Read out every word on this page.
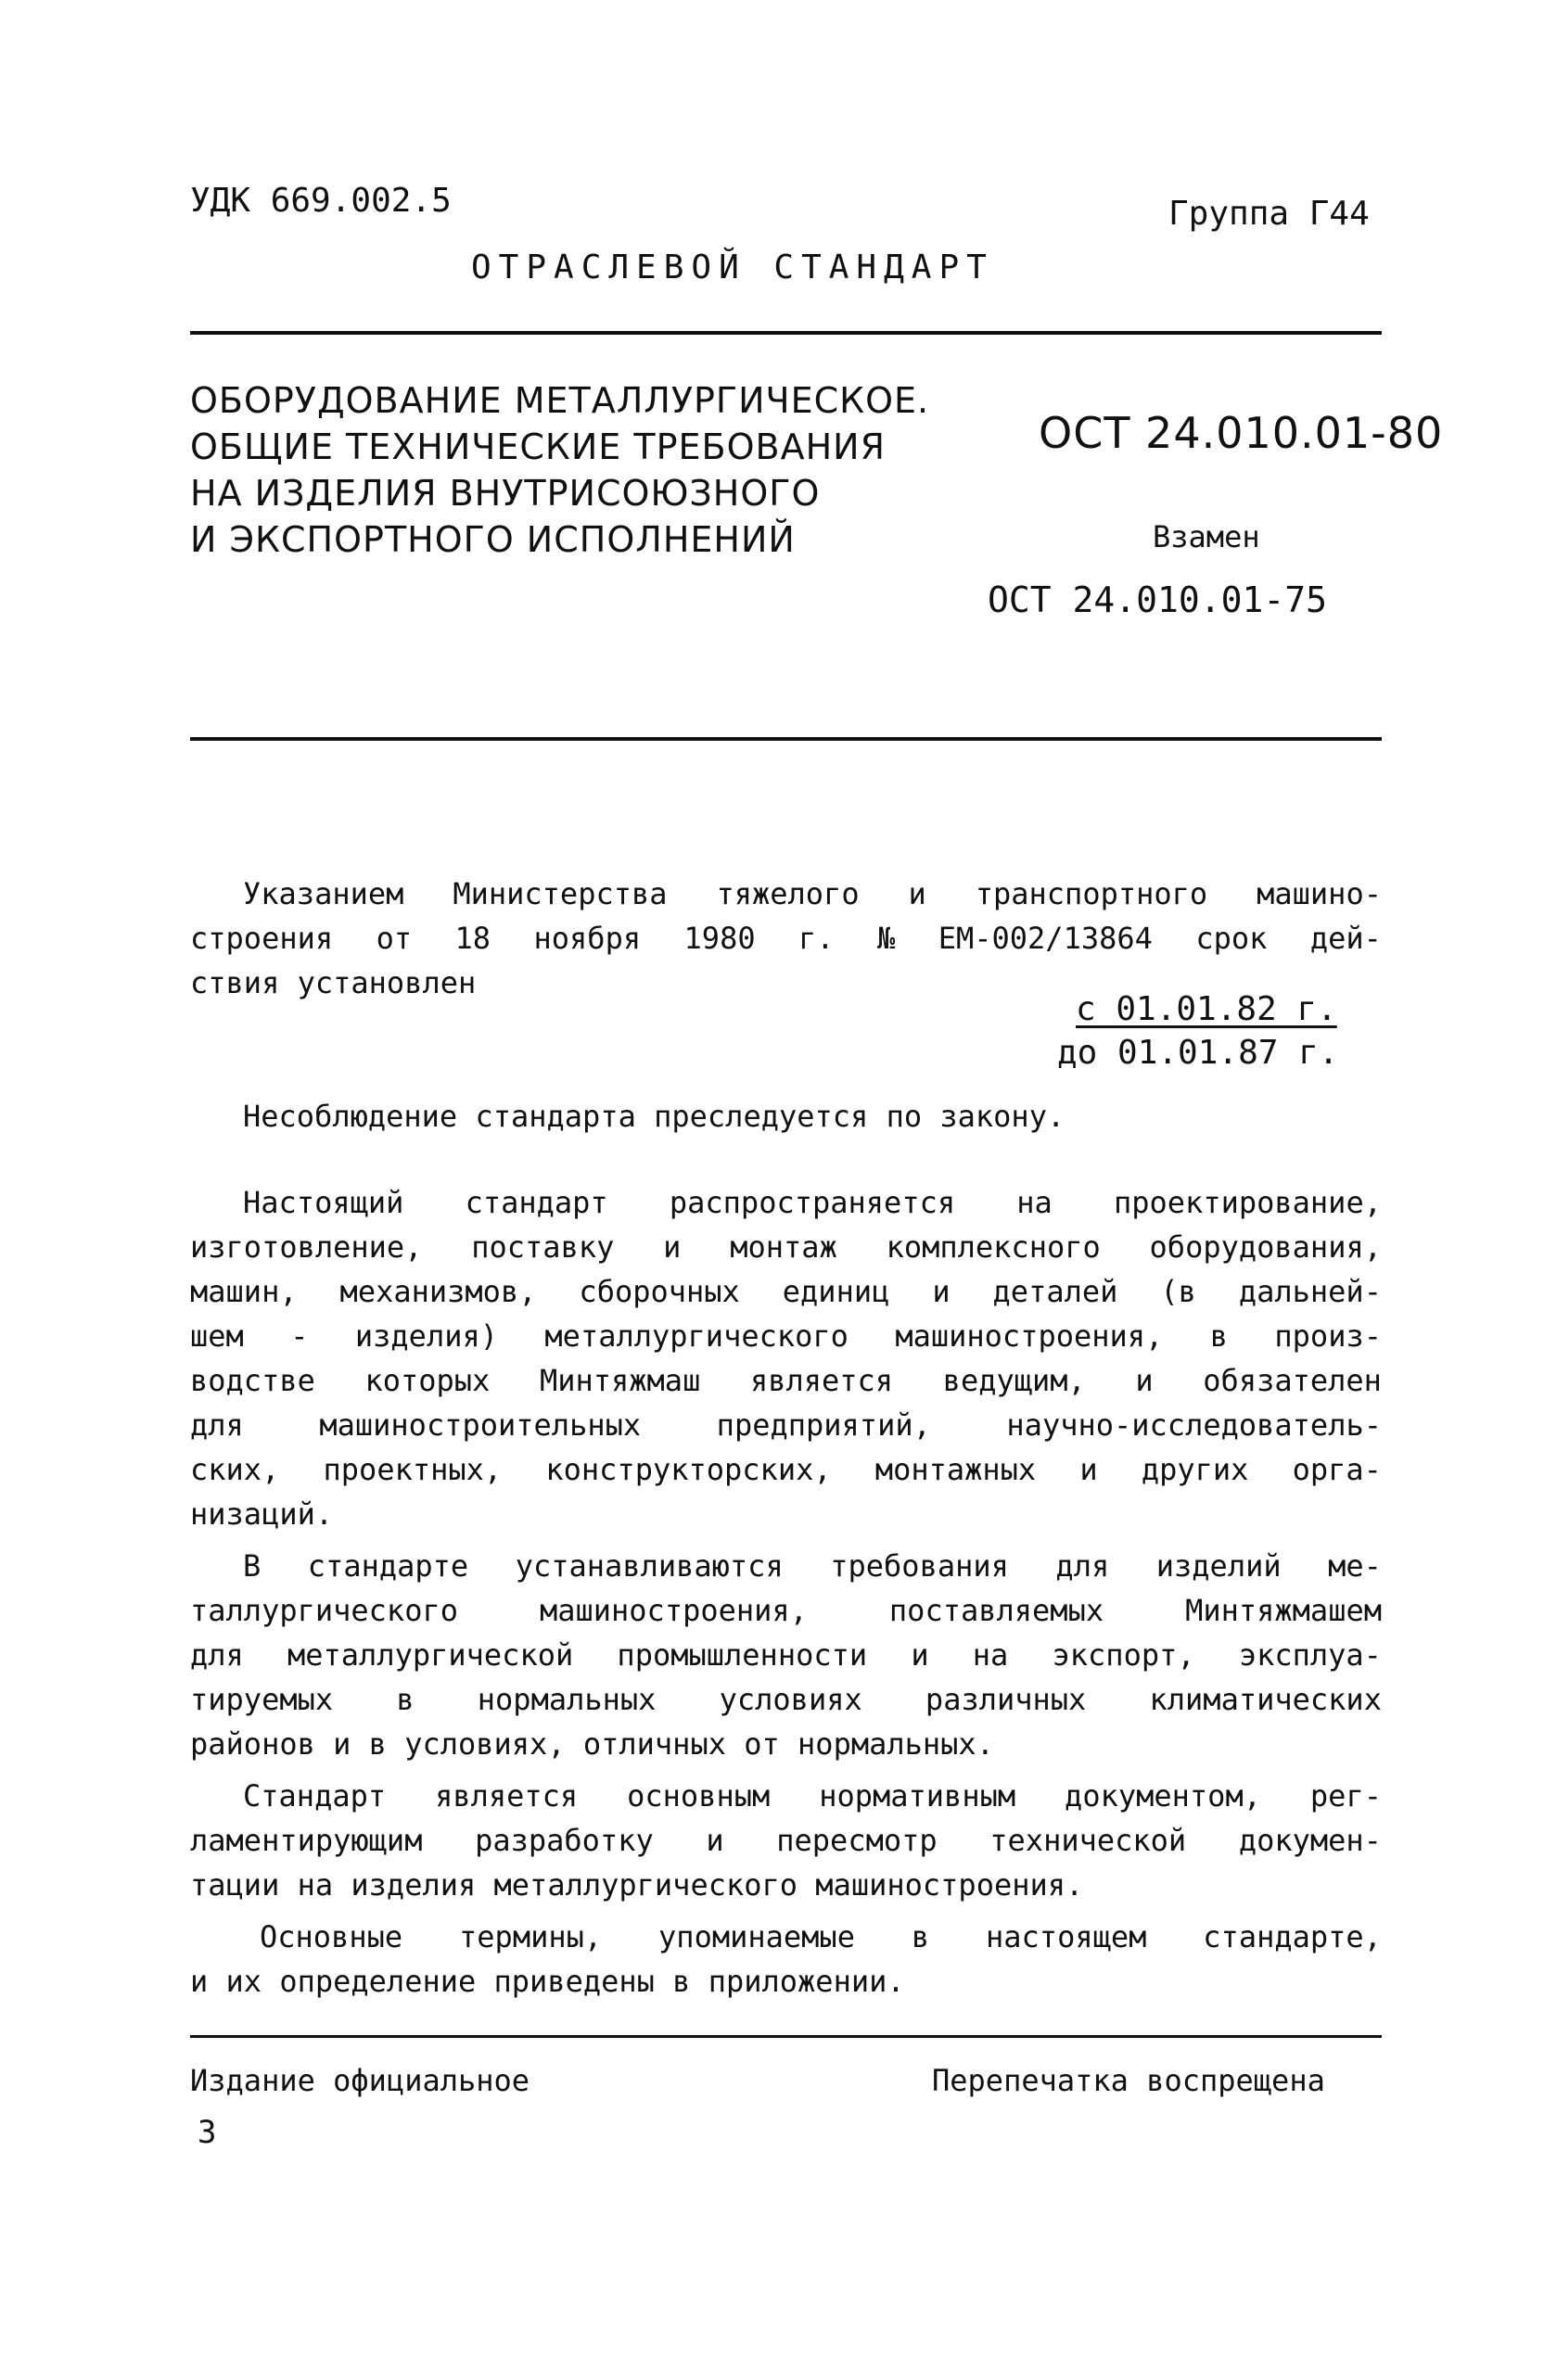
УДК 669.002.5	Группа Г44
ОТРАСЛЕВОЙ СТАНДАРТ
ОБОРУДОВАНИЕ МЕТАЛЛУРГИЧЕСКОЕ.
ОБЩИЕ ТЕХНИЧЕСКИЕ ТРЕБОВАНИЯ
НА ИЗДЕЛИЯ ВНУТРИСОЮЗНОГО
И ЭКСПОРТНОГО ИСПОЛНЕНИЙ
ОСТ 24.010.01-80
Взамен
ОСТ 24.010.01-75
Указанием Министерства тяжелого и транспортного машино-
строения от 18 ноября 1980 г. № ЕМ-002/13864 срок дей-
ствия установлен
с 01.01.82 г.
до 01.01.87 г.
Несоблюдение стандарта преследуется по закону.
Настоящий стандарт распространяется на проектирование,
изготовление, поставку и монтаж комплексного оборудования,
машин, механизмов, сборочных единиц и деталей (в дальней-
шем - изделия) металлургического машиностроения, в произ-
водстве которых Минтяжмаш является ведущим, и обязателен
для	машиностроительных	предприятий,	научно-исследователь-
ских, проектных, конструкторских, монтажных и других орга-
низаций.
В стандарте устанавливаются требования для изделий ме-
таллургического	машиностроения,	поставляемых	Минтяжмашем
для металлургической промышленности и на экспорт, эксплуа-
тируемых в нормальных условиях различных климатических
районов и в условиях, отличных от нормальных.
Стандарт является основным нормативным документом, рег-
ламентирующим разработку и пересмотр технической докумен-
тации на изделия металлургического машиностроения.
Основные термины, упоминаемые в настоящем стандарте,
и их определение приведены в приложении.
Издание официальное	Перепечатка воспрещена
3
